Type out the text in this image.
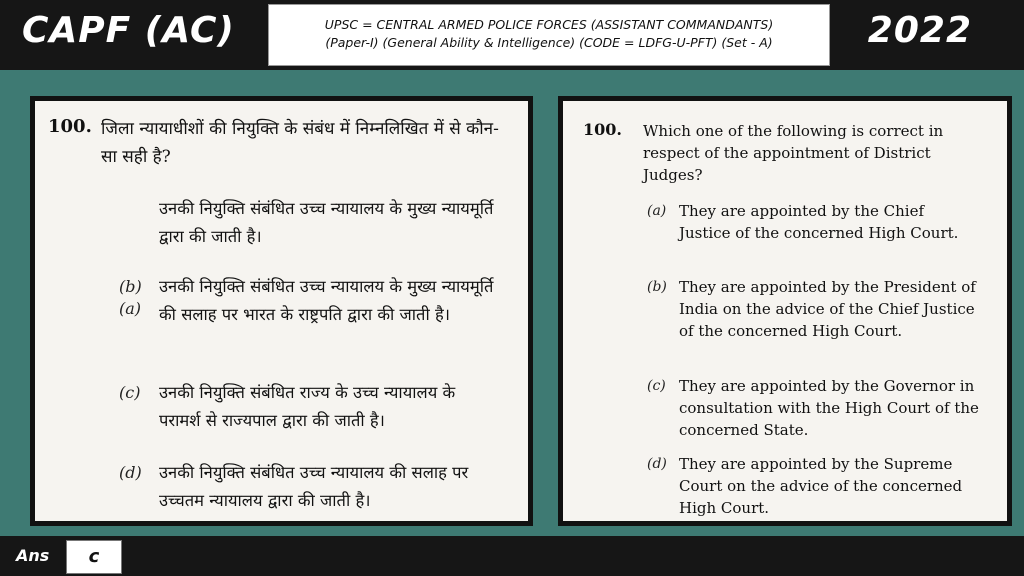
CAPF (AC)	UPSC = CENTRAL ARMED POLICE FORCES (ASSISTANT COMMANDANTS)
(Paper-I) (General Ability & Intelligence) (CODE = LDFG-U-PFT) (Set - A)	2022
100. जिला न्यायाधीशों की नियुक्ति के संबंध में निम्नलिखित में से कौन-सा सही है?
(a)
उनकी नियुक्ति संबंधित उच्च न्यायालय के मुख्य न्यायमूर्ति द्वारा की जाती है।
(b) उनकी नियुक्ति संबंधित उच्च न्यायालय के मुख्य न्यायमूर्ति की सलाह पर भारत के राष्ट्रपति द्वारा की जाती है।
(c) उनकी नियुक्ति संबंधित राज्य के उच्च न्यायालय के परामर्श से राज्यपाल द्वारा की जाती है।
(d) उनकी नियुक्ति संबंधित उच्च न्यायालय की सलाह पर उच्चतम न्यायालय द्वारा की जाती है।
100. Which one of the following is correct in respect of the appointment of District Judges?
(a) They are appointed by the Chief Justice of the concerned High Court.
(b) They are appointed by the President of India on the advice of the Chief Justice of the concerned High Court.
(c) They are appointed by the Governor in consultation with the High Court of the concerned State.
(d) They are appointed by the Supreme Court on the advice of the concerned High Court.
Ans	c
